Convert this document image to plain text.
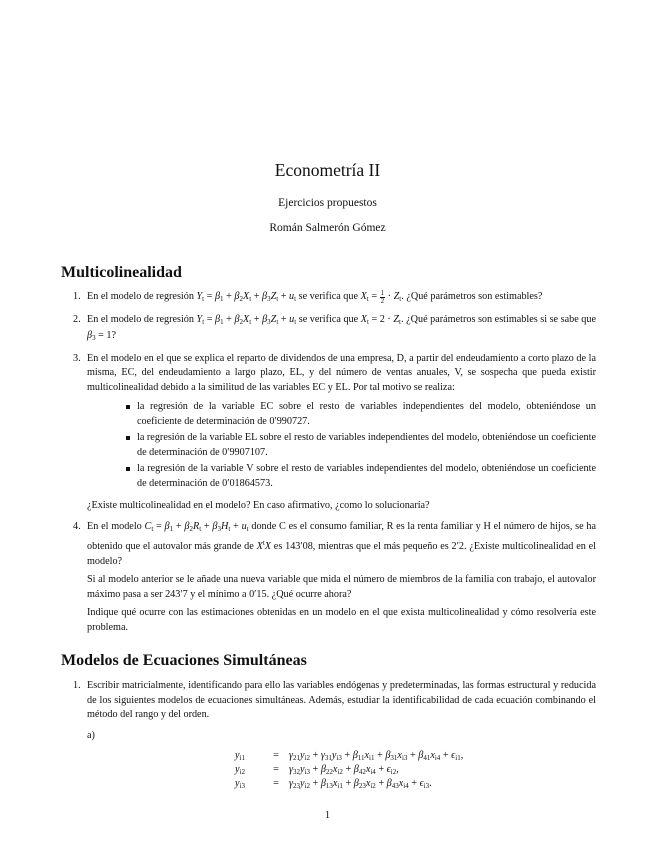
Econometría II
Ejercicios propuestos
Román Salmerón Gómez
Multicolinealidad
1. En el modelo de regresión $Y_t = \beta_1 + \beta_2X_t + \beta_3Z_t + u_t$ se verifica que $X_t = \frac{1}{2} \cdot Z_t$. ¿Qué parámetros son estimables?

2. En el modelo de regresión $Y_t = \beta_1 + \beta_2X_t + \beta_3Z_t + u_t$ se verifica que $X_t = 2 \cdot Z_t$. ¿Qué parámetros son estimables si se sabe que $\beta_3 = 1$?

3. En el modelo en el que se explica el reparto de dividendos de una empresa, D, a partir del endeudamiento a corto plazo de la misma, EC, del endeudamiento a largo plazo, EL, y del número de ventas anuales, V, se sospecha que pueda existir multicolinealidad debido a la similitud de las variables EC y EL. Por tal motivo se realiza:

la regresión de la variable EC sobre el resto de variables independientes del modelo, obteniéndose un coeficiente de determinación de 0′990727.
la regresión de la variable EL sobre el resto de variables independientes del modelo, obteniéndose un coeficiente de determinación de 0′9907107.
la regresión de la variable V sobre el resto de variables independientes del modelo, obteniéndose un coeficiente de determinación de 0′01864573.

¿Existe multicolinealidad en el modelo? En caso afirmativo, ¿como lo solucionaría?

4. En el modelo $C_t = \beta_1 + \beta_2R_t + \beta_3H_t + u_t$ donde C es el consumo familiar, R es la renta familiar y H el número de hijos, se ha obtenido que el autovalor más grande de $X^tX$ es 143′08, mientras que el más pequeño es 2′2. ¿Existe multicolinealidad en el modelo?

Si al modelo anterior se le añade una nueva variable que mida el número de miembros de la familia con trabajo, el autovalor máximo pasa a ser 243′7 y el mínimo a 0′15. ¿Qué ocurre ahora?

Indique qué ocurre con las estimaciones obtenidas en un modelo en el que exista multicolinealidad y cómo resolvería este problema.

Modelos de Ecuaciones Simultáneas
1. Escribir matricialmente, identificando para ello las variables endógenas y predeterminadas, las formas estructural y reducida de los siguientes modelos de ecuaciones simultáneas. Además, estudiar la identificabilidad de cada ecuación combinando el método del rango y del orden.

a)
$y_{i1}$	= $\gamma_{21}y_{i2} + \gamma_{31}y_{i3} + \beta_{11}x_{i1} + \beta_{31}x_{i3} + \beta_{41}x_{i4} + \epsilon_{i1}$,
$y_{i2}$	= $\gamma_{32}y_{i3} + \beta_{22}x_{i2} + \beta_{42}x_{i4} + \epsilon_{i2}$,
$y_{i3}$	= $\gamma_{23}y_{i2} + \beta_{13}x_{i1} + \beta_{23}x_{i2} + \beta_{43}x_{i4} + \epsilon_{i3}$.
1
